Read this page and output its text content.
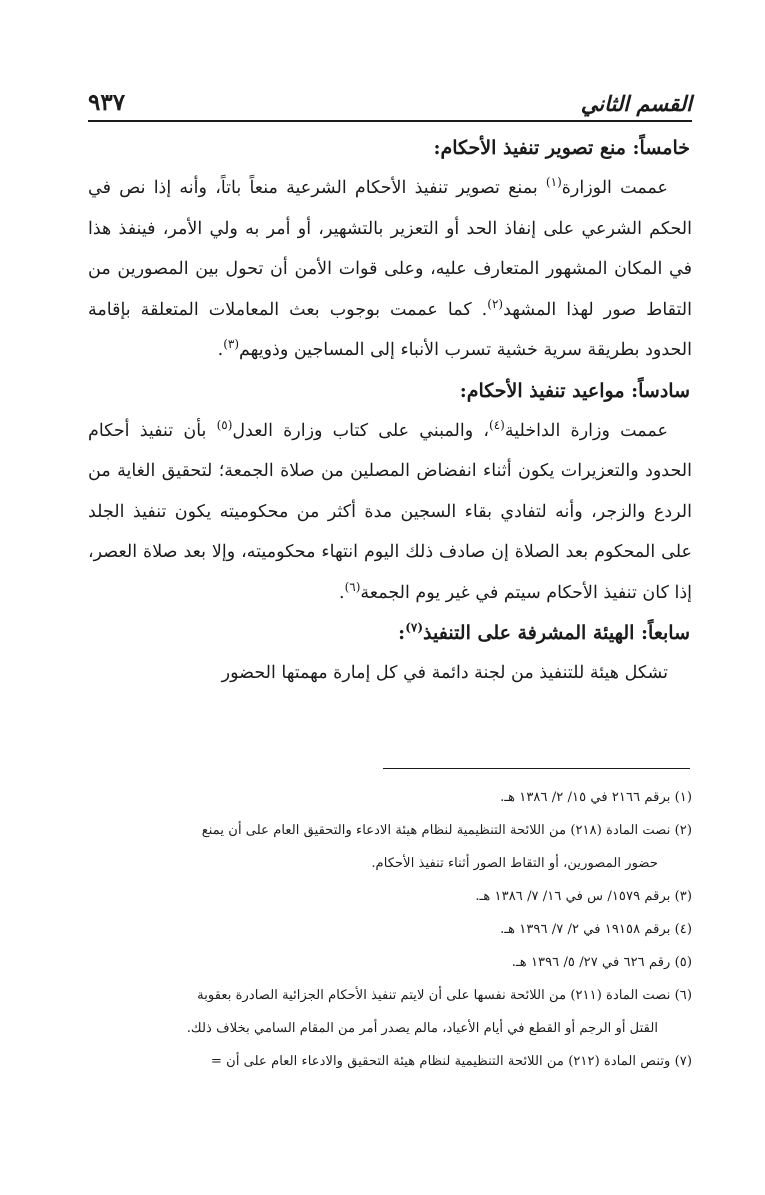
القسم الثاني
٩٣٧
خامساً: منع تصوير تنفيذ الأحكام:

عممت الوزارة$^{(١)}$ بمنع تصوير تنفيذ الأحكام الشرعية منعاً باتاً، وأنه إذا نص في الحكم الشرعي على إنفاذ الحد أو التعزير بالتشهير، أو أمر به ولي الأمر، فينفذ هذا في المكان المشهور المتعارف عليه، وعلى قوات الأمن أن تحول بين المصورين من التقاط صور لهذا المشهد$^{(٢)}$. كما عممت بوجوب بعث المعاملات المتعلقة بإقامة الحدود بطريقة سرية خشية تسرب الأنباء إلى المساجين وذويهم$^{(٣)}$.

سادساً: مواعيد تنفيذ الأحكام:

عممت وزارة الداخلية$^{(٤)}$، والمبني على كتاب وزارة العدل$^{(٥)}$ بأن تنفيذ أحكام الحدود والتعزيرات يكون أثناء انفضاض المصلين من صلاة الجمعة؛ لتحقيق الغاية من الردع والزجر، وأنه لتفادي بقاء السجين مدة أكثر من محكوميته يكون تنفيذ الجلد على المحكوم بعد الصلاة إن صادف ذلك اليوم انتهاء محكوميته، وإلا بعد صلاة العصر، إذا كان تنفيذ الأحكام سيتم في غير يوم الجمعة$^{(٦)}$.

سابعاً: الهيئة المشرفة على التنفيذ$^{(٧)}$:

تشكل هيئة للتنفيذ من لجنة دائمة في كل إمارة مهمتها الحضور

(١) برقم ٢١٦٦ في ١٥/ ٢/ ١٣٨٦ هـ.
(٢) نصت المادة (٢١٨) من اللائحة التنظيمية لنظام هيئة الادعاء والتحقيق العام على أن يمنع
حضور المصورين، أو التقاط الصور أثناء تنفيذ الأحكام.
(٣) برقم ١٥٧٩/ س في ١٦/ ٧/ ١٣٨٦ هـ.
(٤) برقم ١٩١٥٨ في ٢/ ٧/ ١٣٩٦ هـ.
(٥) رقم ٦٢٦ في ٢٧/ ٥/ ١٣٩٦ هـ.
(٦) نصت المادة (٢١١) من اللائحة نفسها على أن لايتم تنفيذ الأحكام الجزائية الصادرة بعقوبة
القتل أو الرجم أو القطع في أيام الأعياد، مالم يصدر أمر من المقام السامي بخلاف ذلك.
(٧) وتنص المادة (٢١٢) من اللائحة التنظيمية لنظام هيئة التحقيق والادعاء العام على أن =
